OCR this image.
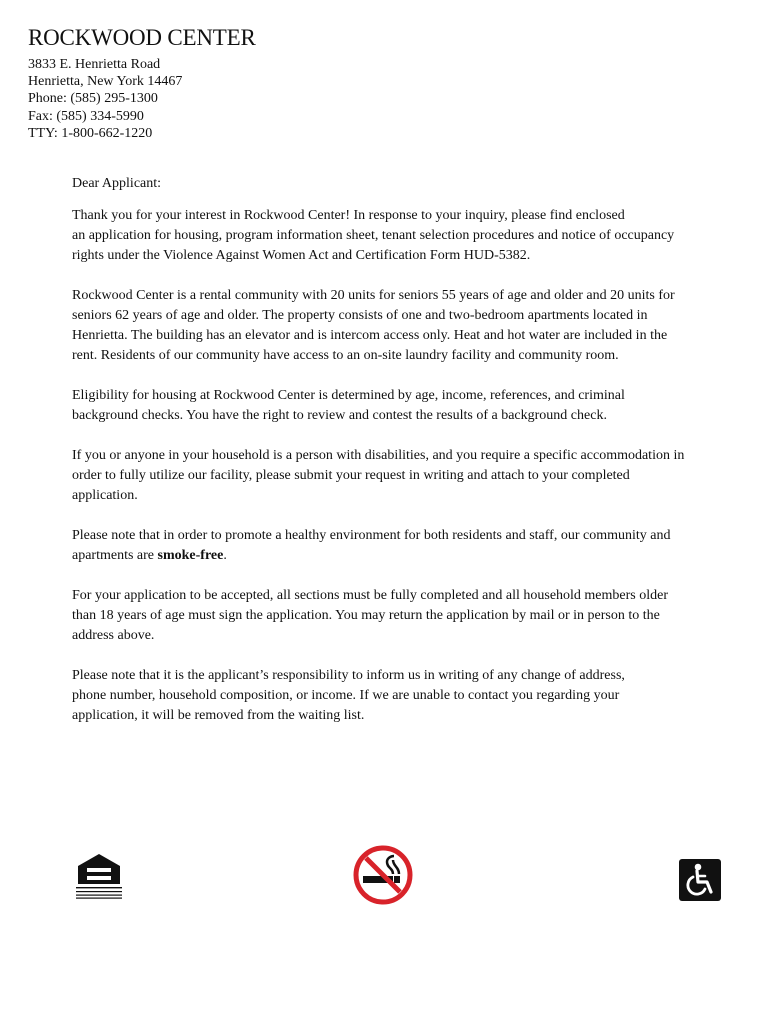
ROCKWOOD CENTER
3833 E. Henrietta Road
Henrietta, New York 14467
Phone: (585) 295-1300
Fax: (585) 334-5990
TTY: 1-800-662-1220
Dear Applicant:
Thank you for your interest in Rockwood Center! In response to your inquiry, please find enclosed
an application for housing, program information sheet, tenant selection procedures and notice of occupancy
rights under the Violence Against Women Act and Certification Form HUD-5382.
Rockwood Center is a rental community with 20 units for seniors 55 years of age and older and 20 units for
seniors 62 years of age and older. The property consists of one and two-bedroom apartments located in
Henrietta. The building has an elevator and is intercom access only. Heat and hot water are included in the
rent. Residents of our community have access to an on-site laundry facility and community room.
Eligibility for housing at Rockwood Center is determined by age, income, references, and criminal
background checks. You have the right to review and contest the results of a background check.
If you or anyone in your household is a person with disabilities, and you require a specific accommodation in
order to fully utilize our facility, please submit your request in writing and attach to your completed
application.
Please note that in order to promote a healthy environment for both residents and staff, our community and
apartments are smoke-free.
For your application to be accepted, all sections must be fully completed and all household members older
than 18 years of age must sign the application. You may return the application by mail or in person to the
address above.
Please note that it is the applicant’s responsibility to inform us in writing of any change of address,
phone number, household composition, or income. If we are unable to contact you regarding your
application, it will be removed from the waiting list.
